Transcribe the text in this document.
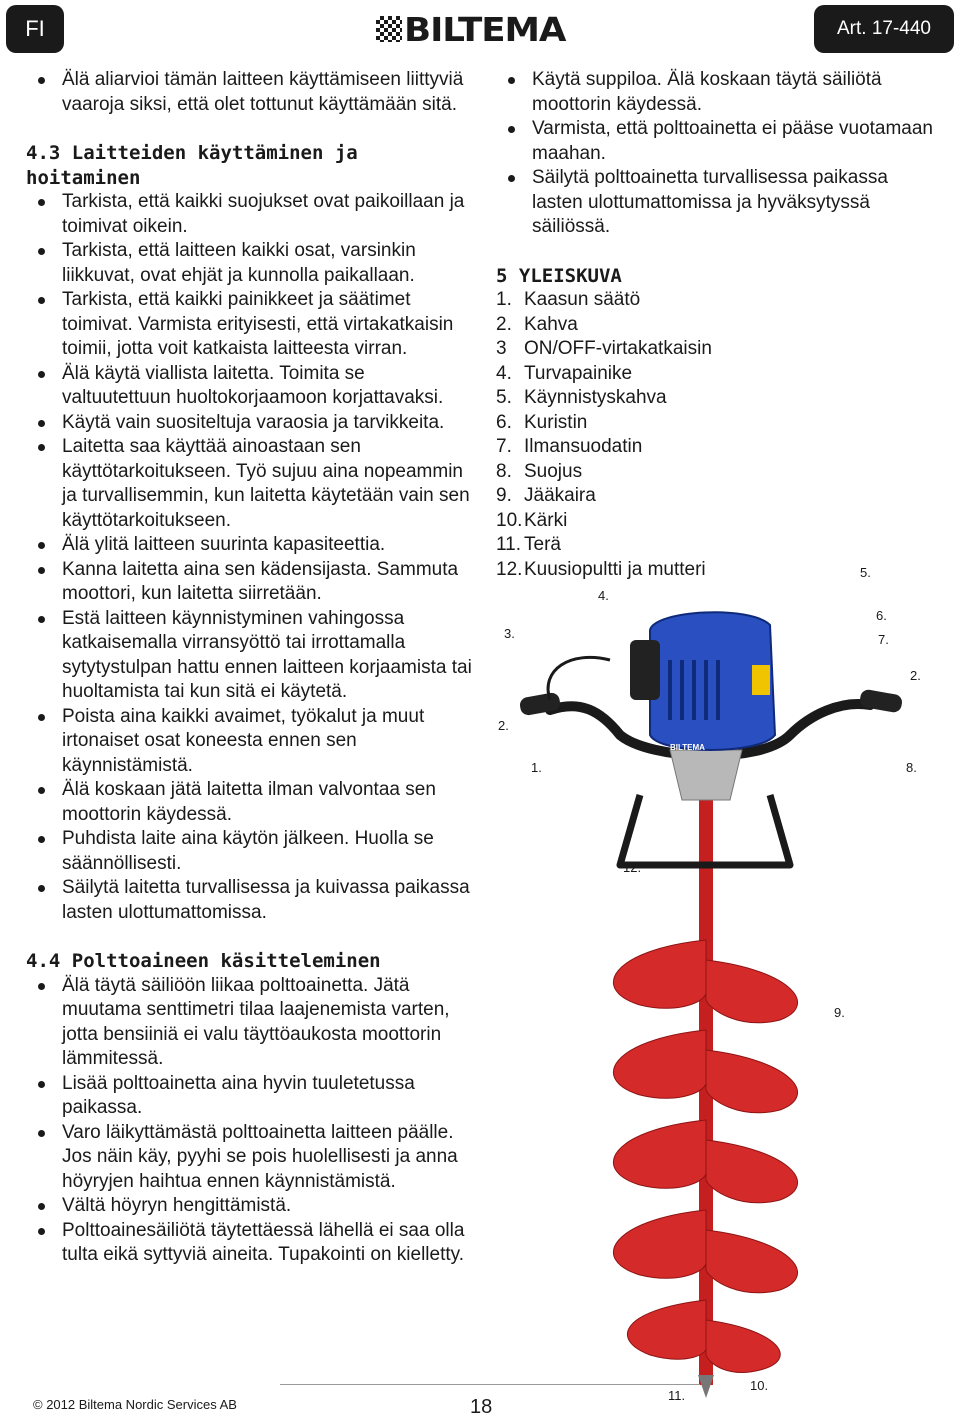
FI	BILTEMA	Art. 17-440
Älä aliarvioi tämän laitteen käyttämiseen liittyviä vaaroja siksi, että olet tottunut käyttämään sitä.
4.3 Laitteiden käyttäminen ja hoitaminen
Tarkista, että kaikki suojukset ovat paikoillaan ja toimivat oikein.
Tarkista, että laitteen kaikki osat, varsinkin liikkuvat, ovat ehjät ja kunnolla paikallaan.
Tarkista, että kaikki painikkeet ja säätimet toimivat. Varmista erityisesti, että virtakatkaisin toimii, jotta voit katkaista laitteesta virran.
Älä käytä viallista laitetta. Toimita se valtuutettuun huoltokorjaamoon korjattavaksi.
Käytä vain suositeltuja varaosia ja tarvikkeita.
Laitetta saa käyttää ainoastaan sen käyttötarkoitukseen. Työ sujuu aina nopeammin ja turvallisemmin, kun laitetta käytetään vain sen käyttötarkoitukseen.
Älä ylitä laitteen suurinta kapasiteettia.
Kanna laitetta aina sen kädensijasta. Sammuta moottori, kun laitetta siirretään.
Estä laitteen käynnistyminen vahingossa katkaisemalla virransyöttö tai irrottamalla sytytystulpan hattu ennen laitteen korjaamista tai huoltamista tai kun sitä ei käytetä.
Poista aina kaikki avaimet, työkalut ja muut irtonaiset osat koneesta ennen sen käynnistämistä.
Älä koskaan jätä laitetta ilman valvontaa sen moottorin käydessä.
Puhdista laite aina käytön jälkeen. Huolla se säännöllisesti.
Säilytä laitetta turvallisessa ja kuivassa paikassa lasten ulottumattomissa.
4.4 Polttoaineen käsitteleminen
Älä täytä säiliöön liikaa polttoainetta. Jätä muutama senttimetri tilaa laajenemista varten, jotta bensiiniä ei valu täyttöaukosta moottorin lämmitessä.
Lisää polttoainetta aina hyvin tuuletetussa paikassa.
Varo läikyttämästä polttoainetta laitteen päälle. Jos näin käy, pyyhi se pois huolellisesti ja anna höyryjen haihtua ennen käynnistämistä.
Vältä höyryn hengittämistä.
Polttoainesäiliötä täytettäessä lähellä ei saa olla tulta eikä syttyviä aineita. Tupakointi on kielletty.
Käytä suppiloa. Älä koskaan täytä säiliötä moottorin käydessä.
Varmista, että polttoainetta ei pääse vuotamaan maahan.
Säilytä polttoainetta turvallisessa paikassa lasten ulottumattomissa ja hyväksytyssä säiliössä.
5 YLEISKUVA
1. Kaasun säätö
2. Kahva
3 ON/OFF-virtakatkaisin
4. Turvapainike
5. Käynnistyskahva
6. Kuristin
7. Ilmansuodatin
8. Suojus
9. Jääkaira
10. Kärki
11. Terä
12. Kuusiopultti ja mutteri
BILTEMA
1.
2.
2.
3.
4.
5.
6.
7.
8.
9.
10.
11.
12.
© 2012 Biltema Nordic Services AB	18
